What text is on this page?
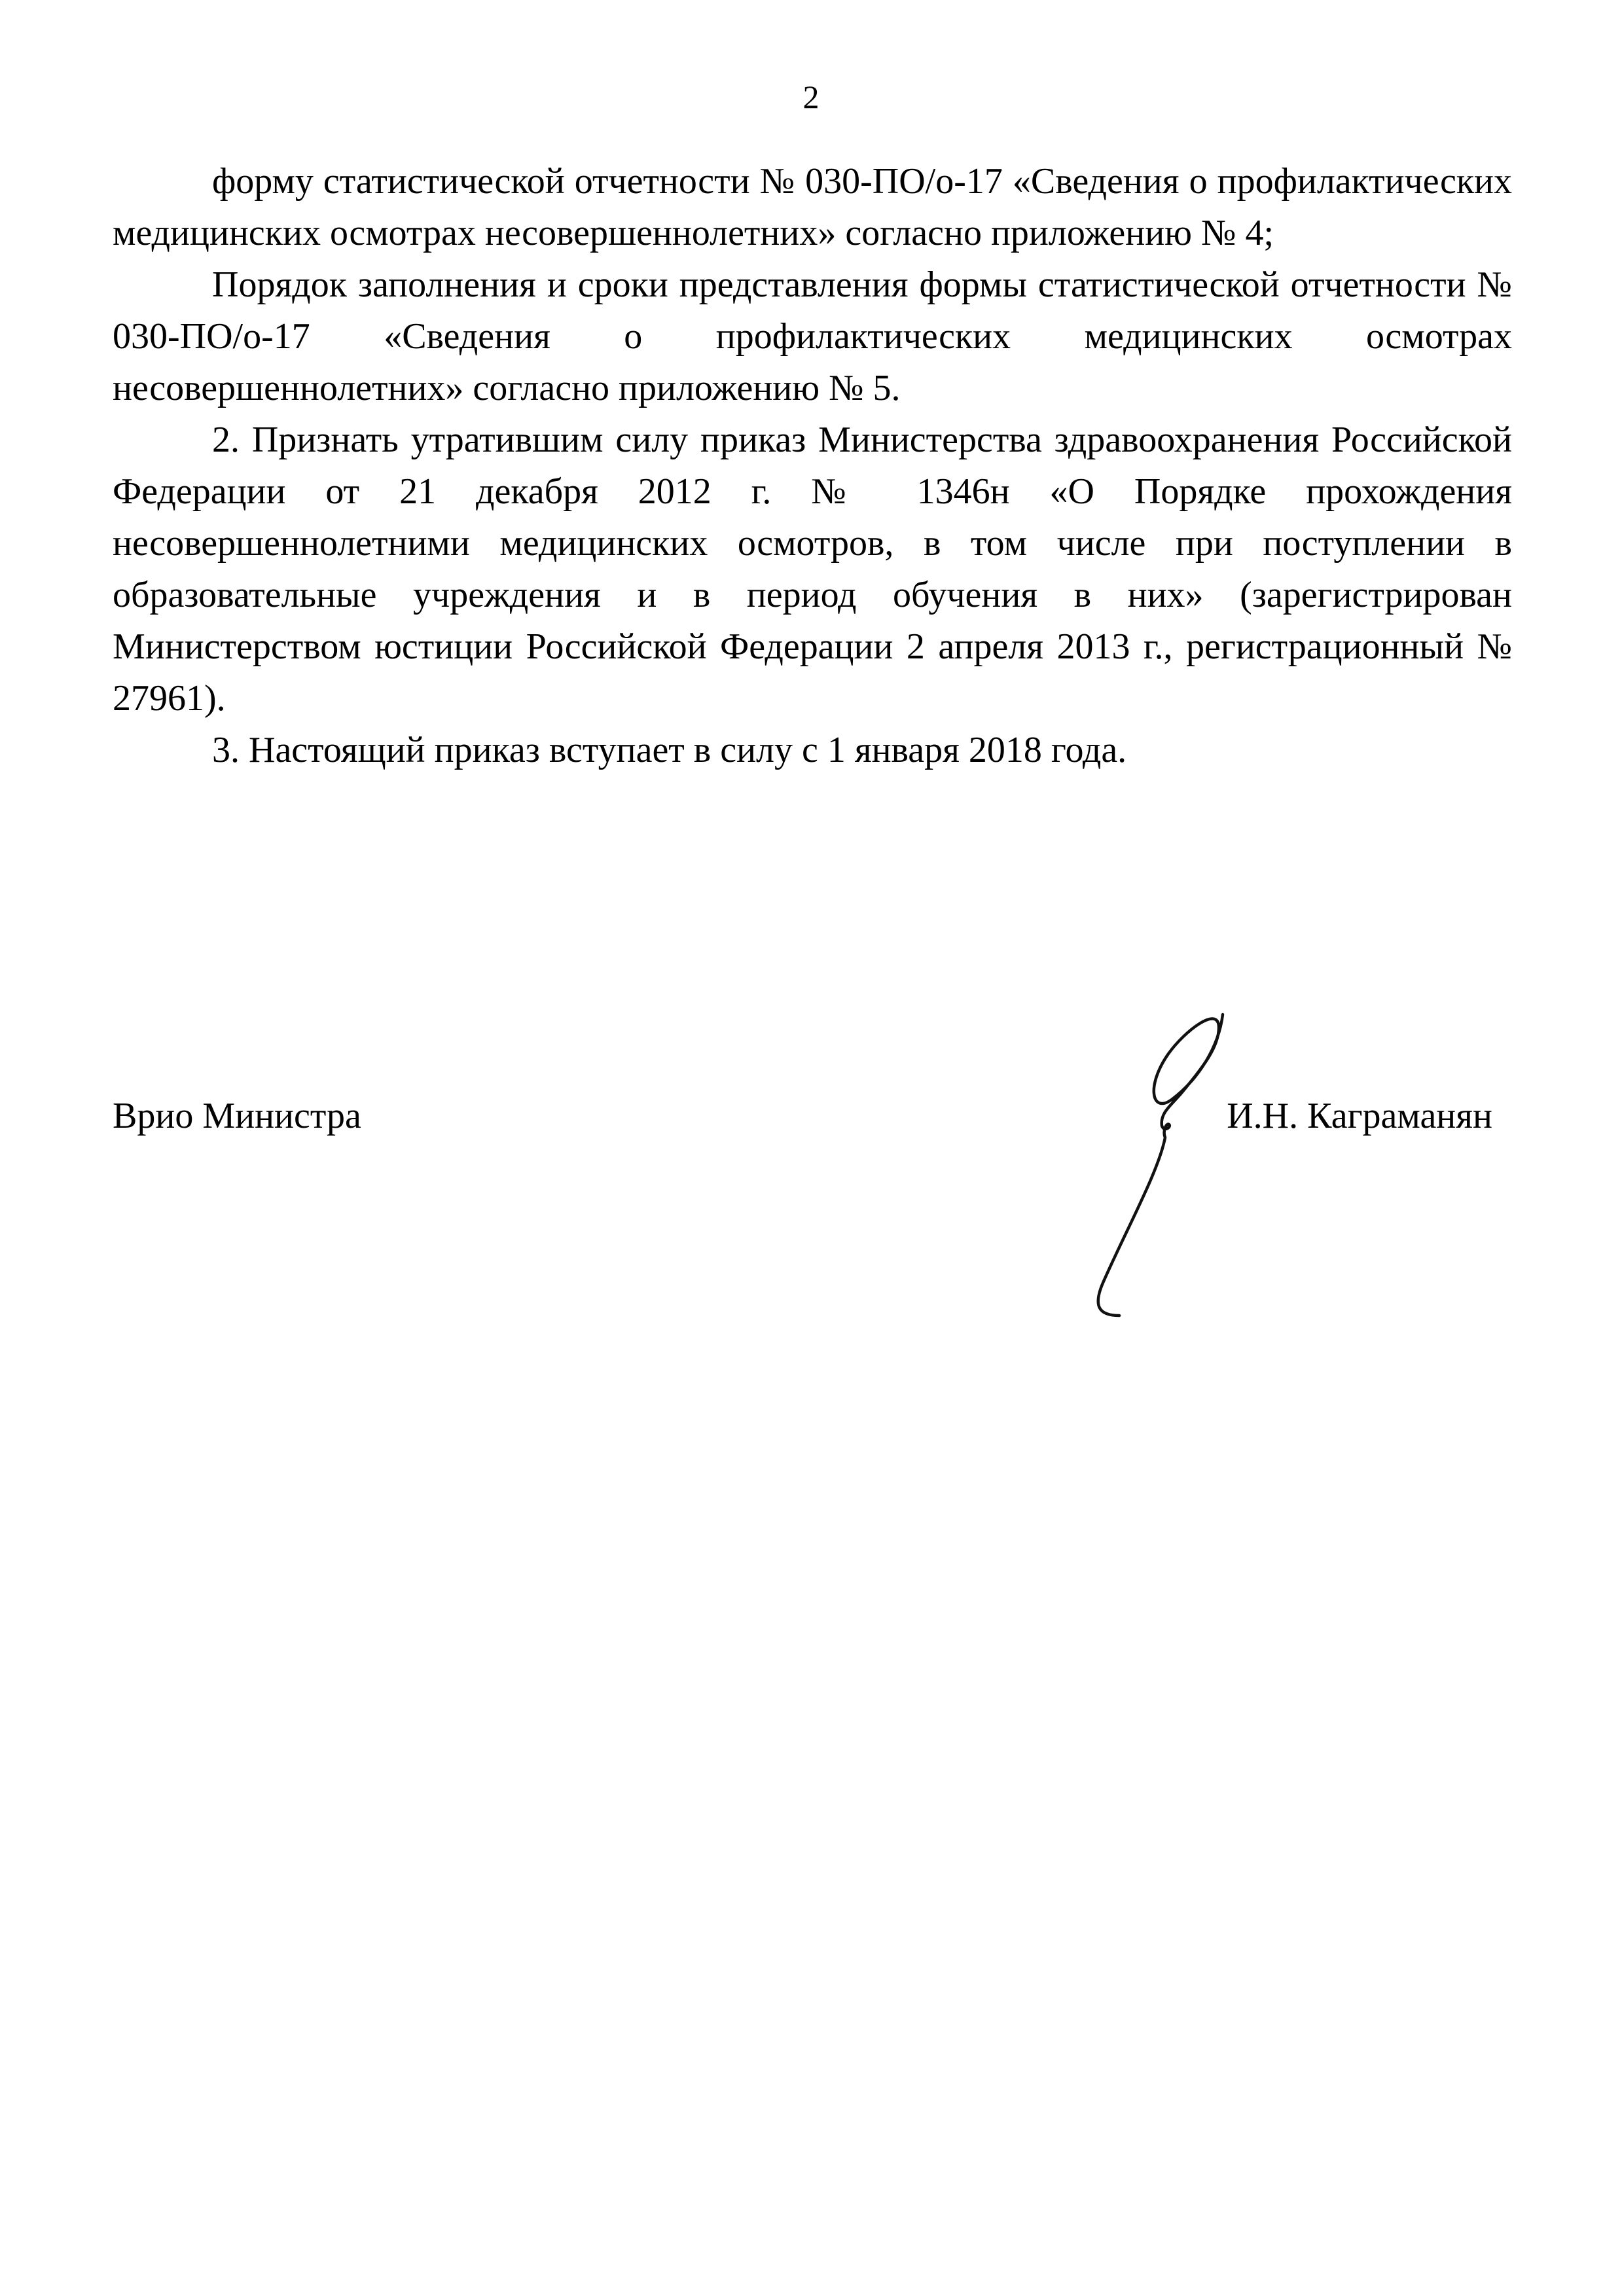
2

форму статистической отчетности № 030-ПО/о-17 «Сведения о профилактических медицинских осмотрах несовершеннолетних» согласно приложению № 4;

Порядок заполнения и сроки представления формы статистической отчетности № 030-ПО/о-17 «Сведения о профилактических медицинских осмотрах несовершеннолетних» согласно приложению № 5.

2. Признать утратившим силу приказ Министерства здравоохранения Российской Федерации от 21 декабря 2012 г. № 1346н «О Порядке прохождения несовершеннолетними медицинских осмотров, в том числе при поступлении в образовательные учреждения и в период обучения в них» (зарегистрирован Министерством юстиции Российской Федерации 2 апреля 2013 г., регистрационный № 27961).

3. Настоящий приказ вступает в силу с 1 января 2018 года.

Врио Министра	И.Н. Каграманян
